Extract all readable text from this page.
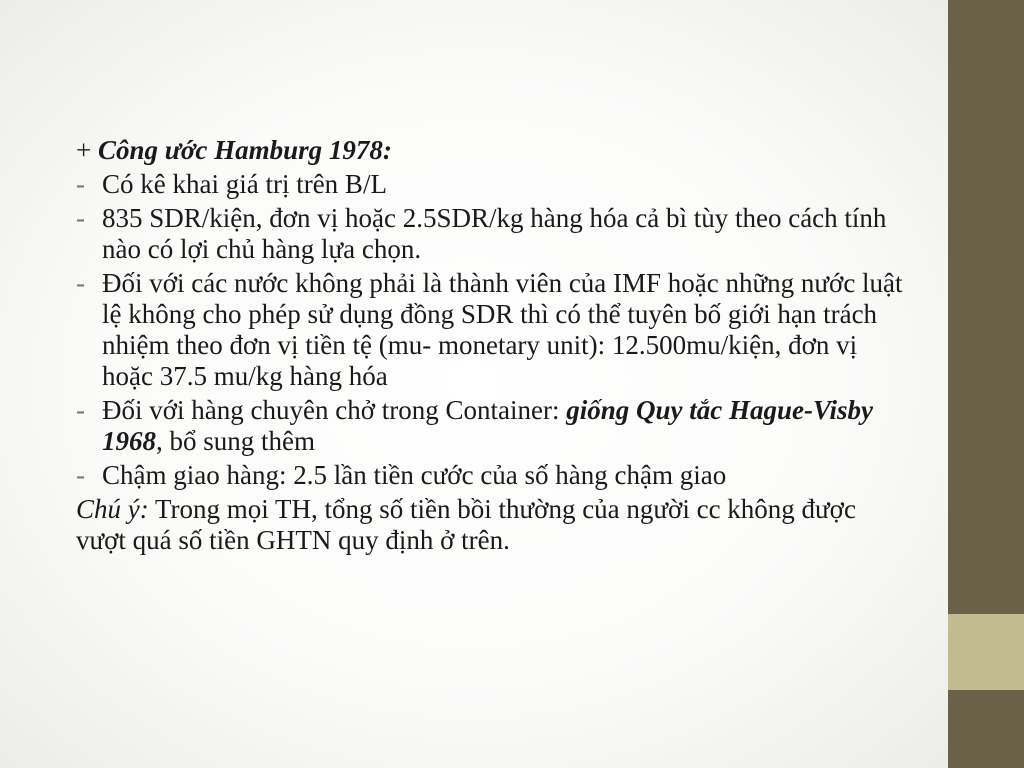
+ Công ước Hamburg 1978:
- Có kê khai giá trị trên B/L
- 835 SDR/kiện, đơn vị hoặc 2.5SDR/kg hàng hóa cả bì tùy theo cách tính nào có lợi chủ hàng lựa chọn.
- Đối với các nước không phải là thành viên của IMF hoặc những nước luật lệ không cho phép sử dụng đồng SDR thì có thể tuyên bố giới hạn trách nhiệm theo đơn vị tiền tệ (mu- monetary unit): 12.500mu/kiện, đơn vị hoặc 37.5 mu/kg hàng hóa
- Đối với hàng chuyên chở trong Container: giống Quy tắc Hague-Visby 1968, bổ sung thêm
- Chậm giao hàng: 2.5 lần tiền cước của số hàng chậm giao
Chú ý: Trong mọi TH, tổng số tiền bồi thường của người cc không được vượt quá số tiền GHTN quy định ở trên.
